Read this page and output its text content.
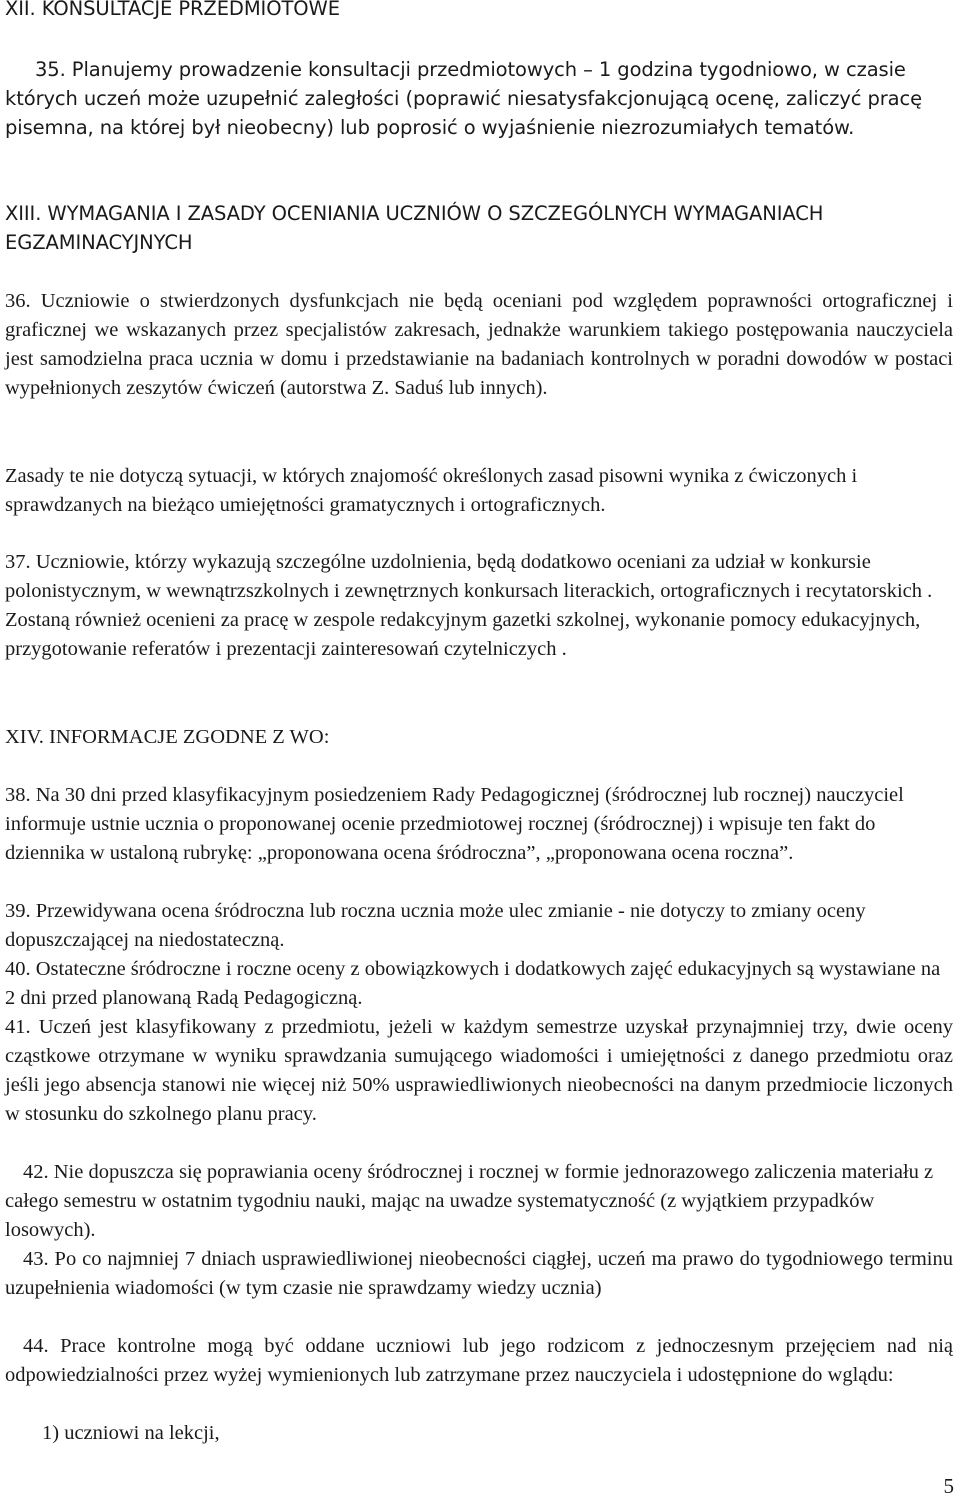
XII. KONSULTACJE PRZEDMIOTOWE

35. Planujemy prowadzenie konsultacji przedmiotowych – 1 godzina tygodniowo, w czasie których uczeń może uzupełnić zaległości (poprawić niesatysfakcjonującą ocenę, zaliczyć pracę pisemna, na której był nieobecny) lub poprosić o wyjaśnienie niezrozumiałych tematów.

XIII. WYMAGANIA I ZASADY OCENIANIA UCZNIÓW O SZCZEGÓLNYCH WYMAGANIACH EGZAMINACYJNYCH

36. Uczniowie o stwierdzonych dysfunkcjach nie będą oceniani pod względem poprawności ortograficznej i graficznej we wskazanych przez specjalistów zakresach, jednakże warunkiem takiego postępowania nauczyciela jest samodzielna praca ucznia w domu i przedstawianie na badaniach kontrolnych w poradni dowodów w postaci wypełnionych zeszytów ćwiczeń (autorstwa Z. Saduś lub innych).

Zasady te nie dotyczą sytuacji, w których znajomość określonych zasad pisowni wynika z ćwiczonych i sprawdzanych na bieżąco umiejętności gramatycznych i ortograficznych.

37. Uczniowie, którzy wykazują szczególne uzdolnienia, będą dodatkowo oceniani za udział w konkursie polonistycznym, w wewnątrzszkolnych i zewnętrznych konkursach literackich, ortograficznych i recytatorskich . Zostaną również ocenieni za pracę w zespole redakcyjnym gazetki szkolnej, wykonanie pomocy edukacyjnych, przygotowanie referatów i prezentacji zainteresowań czytelniczych .

XIV. INFORMACJE ZGODNE Z WO:

38. Na 30 dni przed klasyfikacyjnym posiedzeniem Rady Pedagogicznej (śródrocznej lub rocznej) nauczyciel informuje ustnie ucznia o proponowanej ocenie przedmiotowej rocznej (śródrocznej) i wpisuje ten fakt do dziennika w ustaloną rubrykę: „proponowana ocena śródroczna”, „proponowana ocena roczna”.

39. Przewidywana ocena śródroczna lub roczna ucznia może ulec zmianie - nie dotyczy to zmiany oceny dopuszczającej na niedostateczną.

40. Ostateczne śródroczne i roczne oceny z obowiązkowych i dodatkowych zajęć edukacyjnych są wystawiane na 2 dni przed planowaną Radą Pedagogiczną.

41. Uczeń jest klasyfikowany z przedmiotu, jeżeli w każdym semestrze uzyskał przynajmniej trzy, dwie oceny cząstkowe otrzymane w wyniku sprawdzania sumującego wiadomości i umiejętności z danego przedmiotu oraz jeśli jego absencja stanowi nie więcej niż 50% usprawiedliwionych nieobecności na danym przedmiocie liczonych w stosunku do szkolnego planu pracy.

42. Nie dopuszcza się poprawiania oceny śródrocznej i rocznej w formie jednorazowego zaliczenia materiału z całego semestru w ostatnim tygodniu nauki, mając na uwadze systematyczność (z wyjątkiem przypadków losowych).

43. Po co najmniej 7 dniach usprawiedliwionej nieobecności ciągłej, uczeń ma prawo do tygodniowego terminu uzupełnienia wiadomości (w tym czasie nie sprawdzamy wiedzy ucznia)

44. Prace kontrolne mogą być oddane uczniowi lub jego rodzicom z jednoczesnym przejęciem nad nią odpowiedzialności przez wyżej wymienionych lub zatrzymane przez nauczyciela i udostępnione do wglądu:

1) uczniowi na lekcji,

5
